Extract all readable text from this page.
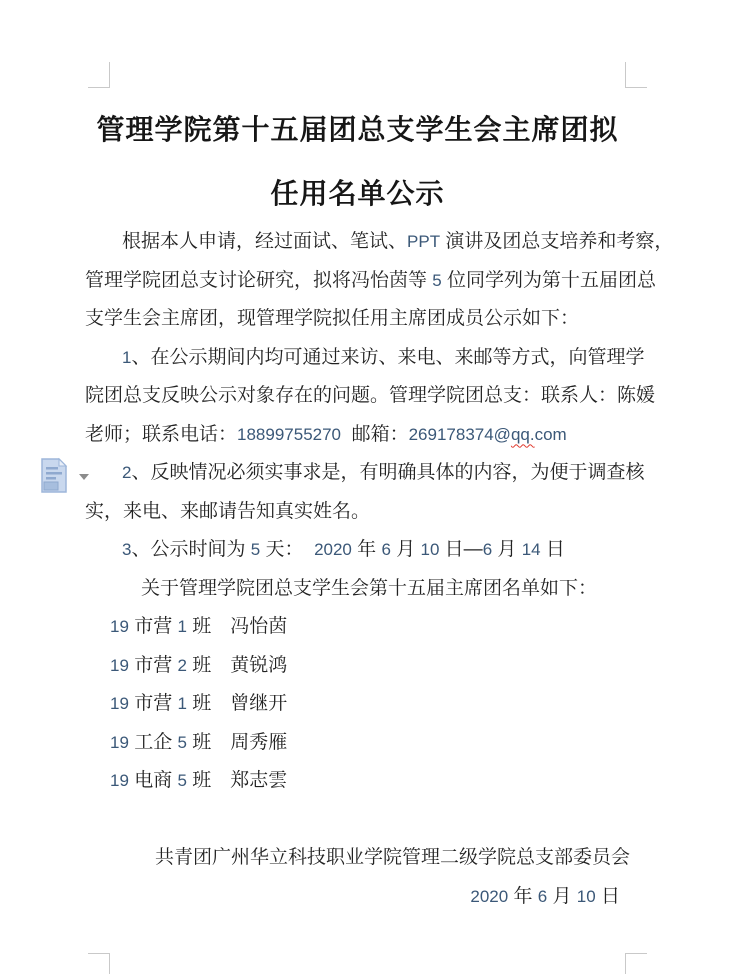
管理学院第十五届团总支学生会主席团拟
任用名单公示
根据本人申请，经过面试、笔试、PPT 演讲及团总支培养和考察，
管理学院团总支讨论研究，拟将冯怡茵等 5 位同学列为第十五届团总
支学生会主席团，现管理学院拟任用主席团成员公示如下：
1、在公示期间内均可通过来访、来电、来邮等方式，向管理学
院团总支反映公示对象存在的问题。管理学院团总支：联系人：陈媛
老师；联系电话：18899755270  邮箱：269178374@qq.com
2、反映情况必须实事求是，有明确具体的内容，为便于调查核
实，来电、来邮请告知真实姓名。
3、公示时间为 5 天：  2020 年 6 月 10 日—6 月 14 日
关于管理学院团总支学生会第十五届主席团名单如下：
19 市营 1 班　冯怡茵
19 市营 2 班　黄锐鸿
19 市营 1 班　曾继开
19 工企 5 班　周秀雁
19 电商 5 班　郑志雲

共青团广州华立科技职业学院管理二级学院总支部委员会
2020 年 6 月 10 日
